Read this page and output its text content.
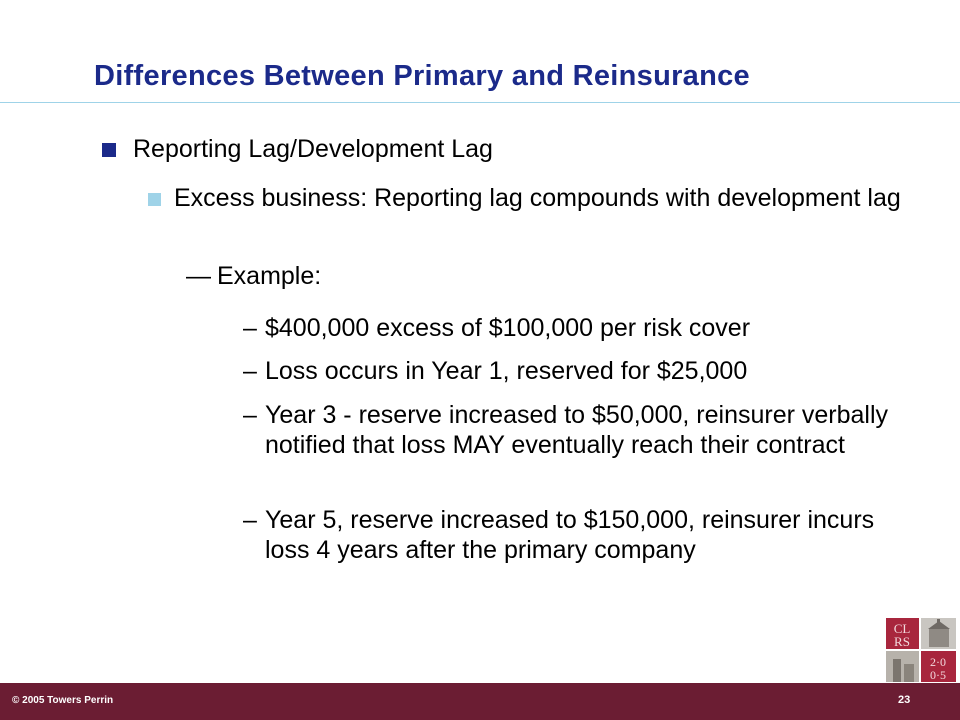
Differences Between Primary and Reinsurance
Reporting Lag/Development Lag
Excess business: Reporting lag compounds with development lag
— Example:
– $400,000 excess of $100,000 per risk cover
– Loss occurs in Year 1, reserved for $25,000
– Year 3 - reserve increased to $50,000, reinsurer verbally notified that loss MAY eventually reach their contract
– Year 5, reserve increased to $150,000, reinsurer incurs loss 4 years after the primary company
CL
RS
2·0
0·5
© 2005 Towers Perrin	23
